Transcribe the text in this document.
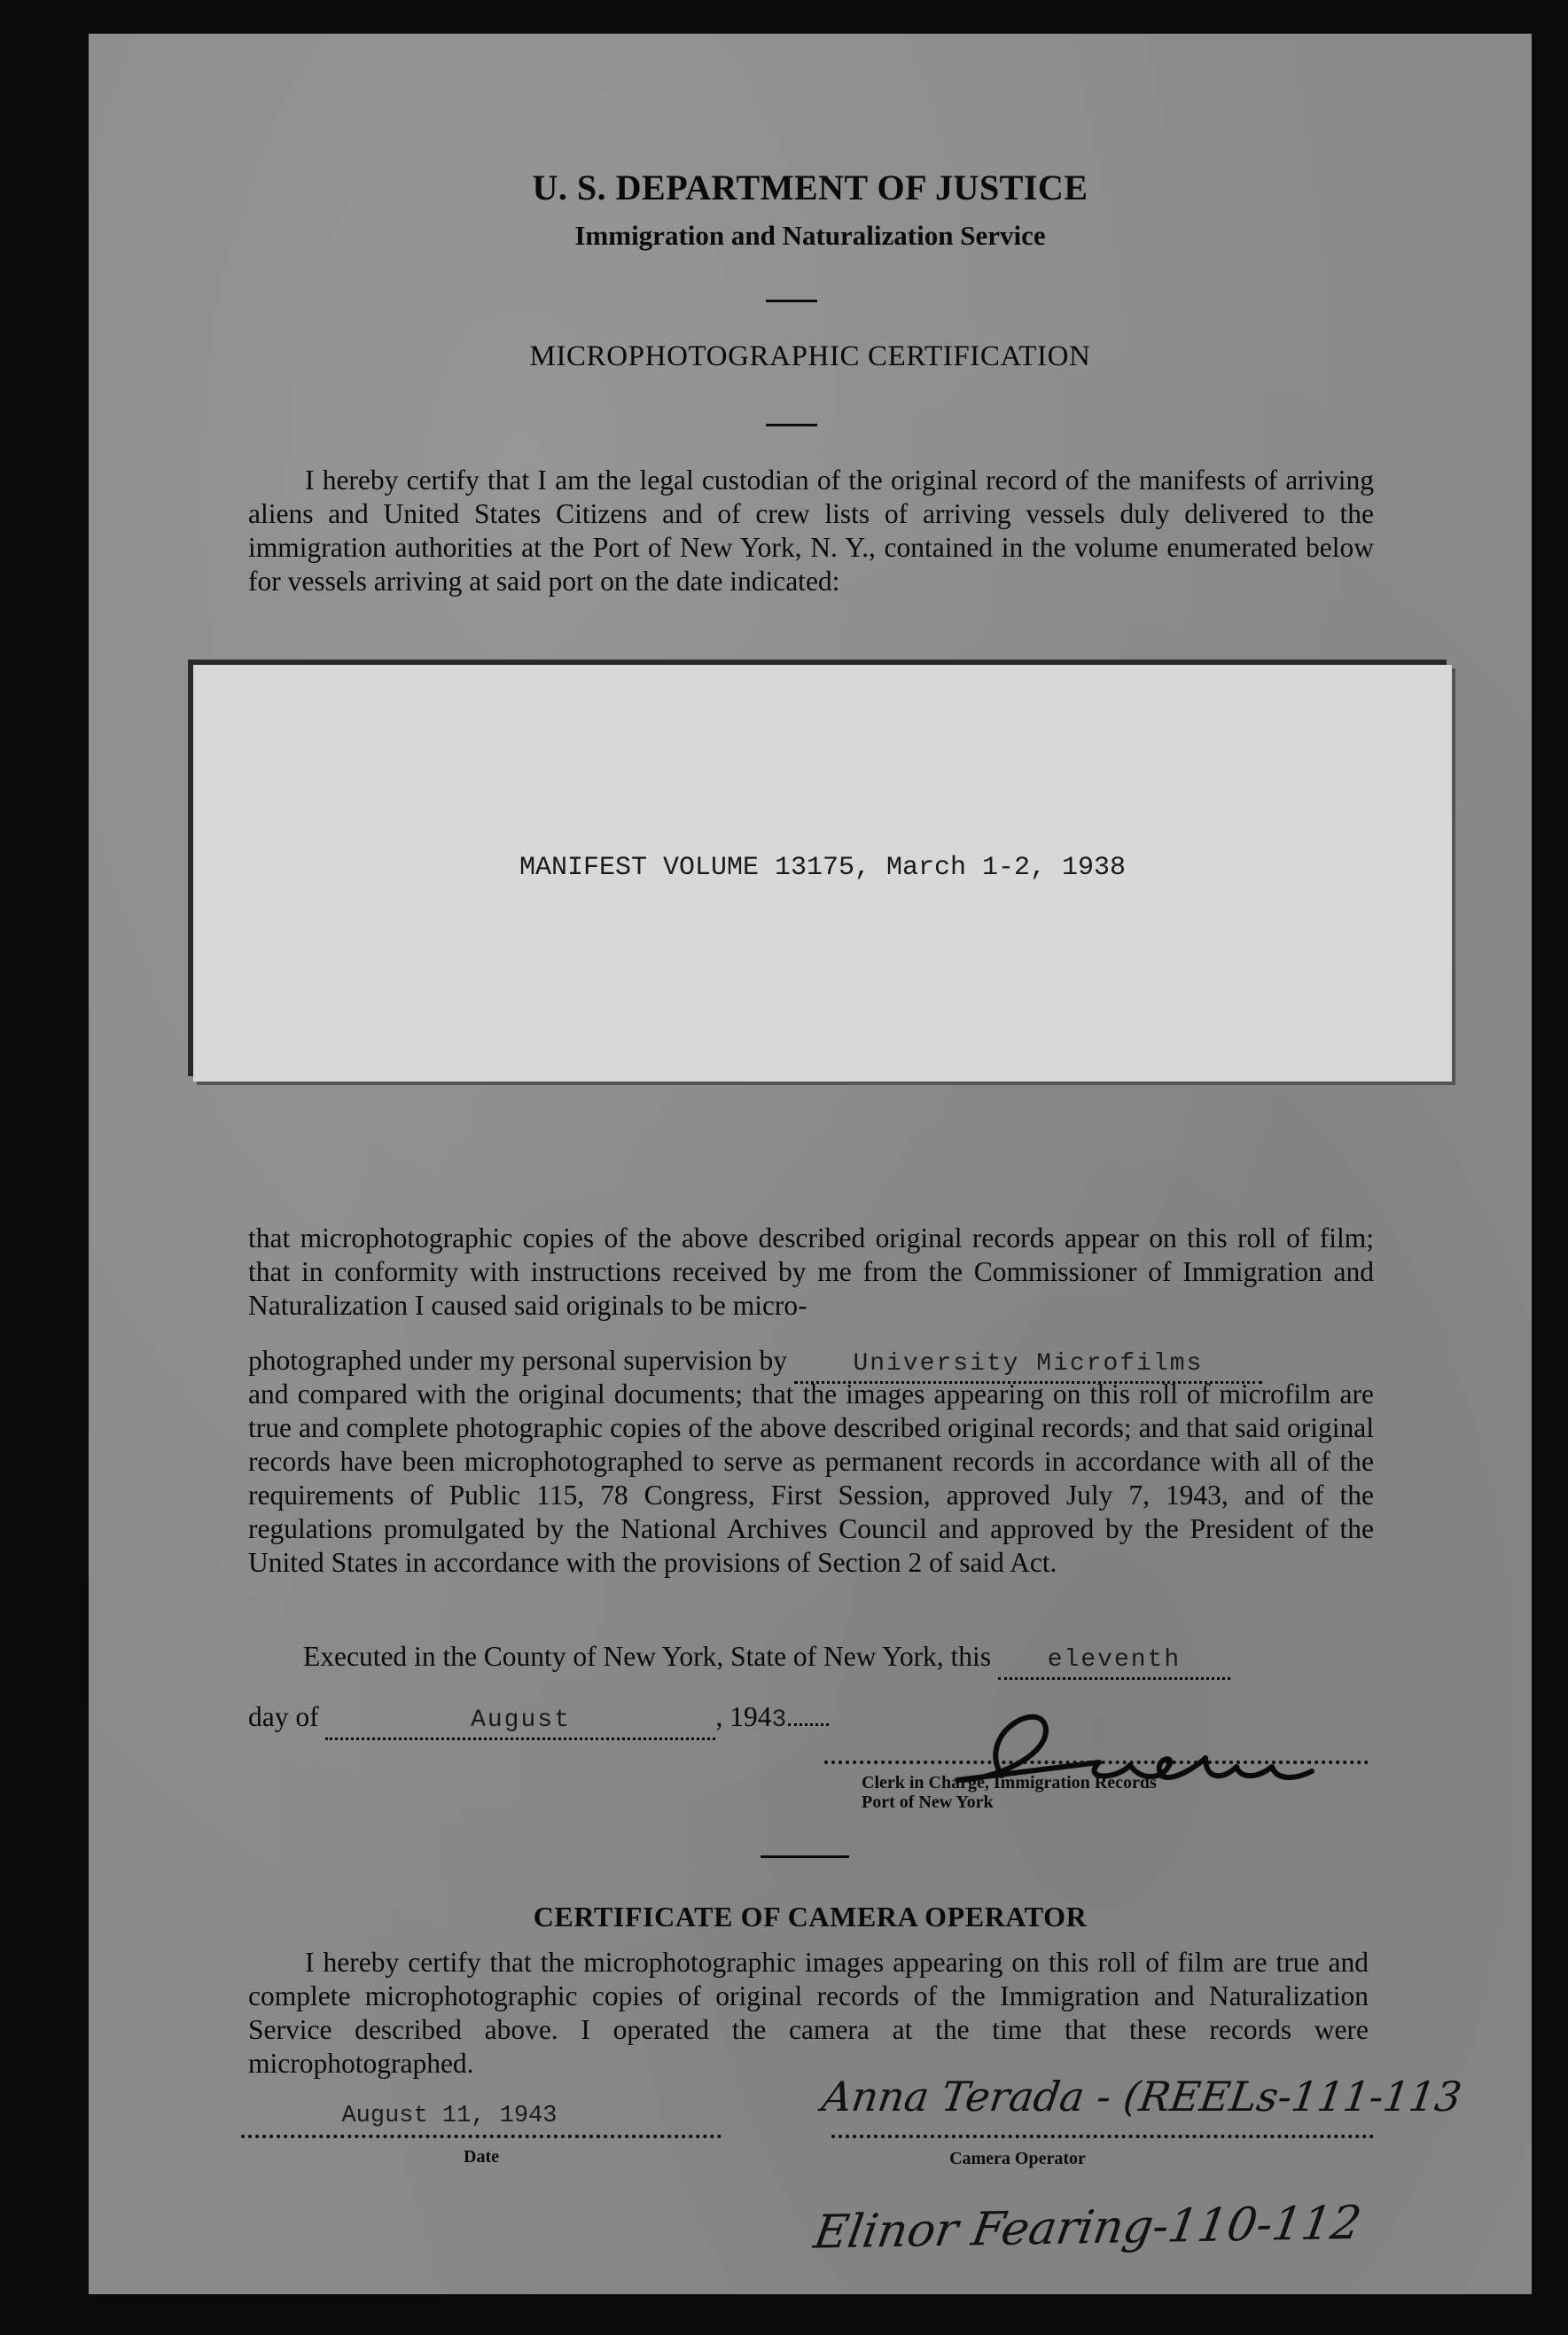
U. S. DEPARTMENT OF JUSTICE
Immigration and Naturalization Service
MICROPHOTOGRAPHIC CERTIFICATION
I hereby certify that I am the legal custodian of the original record of the manifests of arriving aliens and United States Citizens and of crew lists of arriving vessels duly delivered to the immigration authorities at the Port of New York, N. Y., contained in the volume enumerated below for vessels arriving at said port on the date indicated:
MANIFEST VOLUME 13175, March 1-2, 1938
that microphotographic copies of the above described original records appear on this roll of film; that in conformity with instructions received by me from the Commissioner of Immigration and Naturalization I caused said originals to be micro-
photographed under my personal supervision by	University Microfilms
and compared with the original documents; that the images appearing on this roll of microfilm are true and complete photographic copies of the above described original records; and that said original records have been microphotographed to serve as permanent records in accordance with all of the requirements of Public 115, 78 Congress, First Session, approved July 7, 1943, and of the regulations promulgated by the National Archives Council and approved by the President of the United States in accordance with the provisions of Section 2 of said Act.
Executed in the County of New York, State of New York, this eleventh
day of	August	, 1943
Clerk in Charge, Immigration Records
Port of New York
CERTIFICATE OF CAMERA OPERATOR
I hereby certify that the microphotographic images appearing on this roll of film are true and complete microphotographic copies of original records of the Immigration and Naturalization Service described above. I operated the camera at the time that these records were microphotographed.
August 11, 1943
Date
Anna Terada - (REELs-111-113
Camera Operator
Elinor Fearing-110-112
